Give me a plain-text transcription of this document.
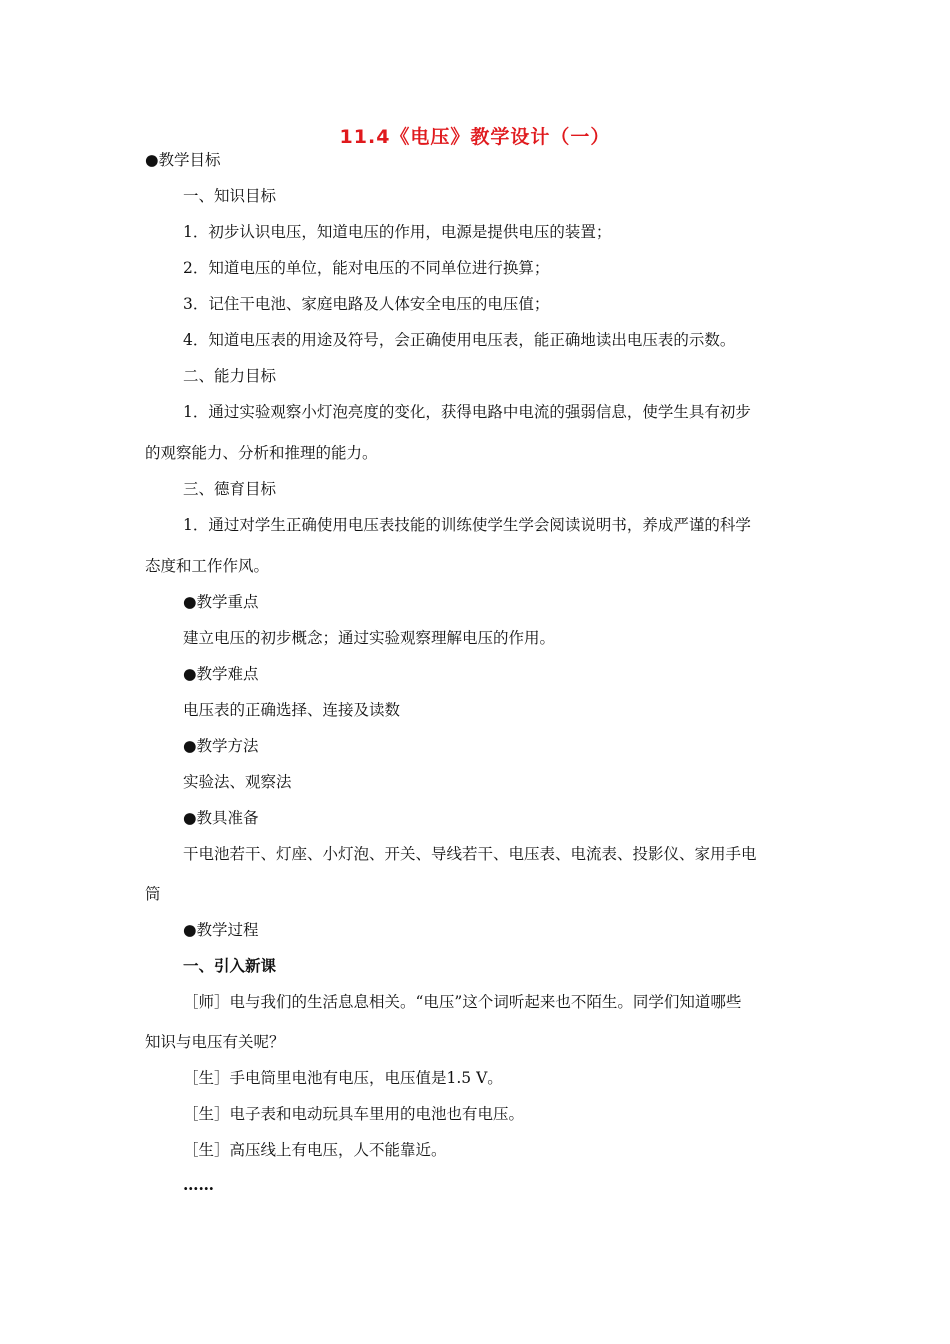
11.4《电压》教学设计（一）
●教学目标
一、知识目标
1．初步认识电压，知道电压的作用，电源是提供电压的装置；
2．知道电压的单位，能对电压的不同单位进行换算；
3．记住干电池、家庭电路及人体安全电压的电压值；
4．知道电压表的用途及符号，会正确使用电压表，能正确地读出电压表的示数。
二、能力目标
1．通过实验观察小灯泡亮度的变化，获得电路中电流的强弱信息，使学生具有初步
的观察能力、分析和推理的能力。
三、德育目标
1．通过对学生正确使用电压表技能的训练使学生学会阅读说明书，养成严谨的科学
态度和工作作风。
●教学重点
建立电压的初步概念；通过实验观察理解电压的作用。
●教学难点
电压表的正确选择、连接及读数
●教学方法
实验法、观察法
●教具准备
干电池若干、灯座、小灯泡、开关、导线若干、电压表、电流表、投影仪、家用手电
筒
●教学过程
一、引入新课
［师］电与我们的生活息息相关。“电压”这个词听起来也不陌生。同学们知道哪些
知识与电压有关呢？
［生］手电筒里电池有电压，电压值是1.5 V。
［生］电子表和电动玩具车里用的电池也有电压。
［生］高压线上有电压，人不能靠近。
……
